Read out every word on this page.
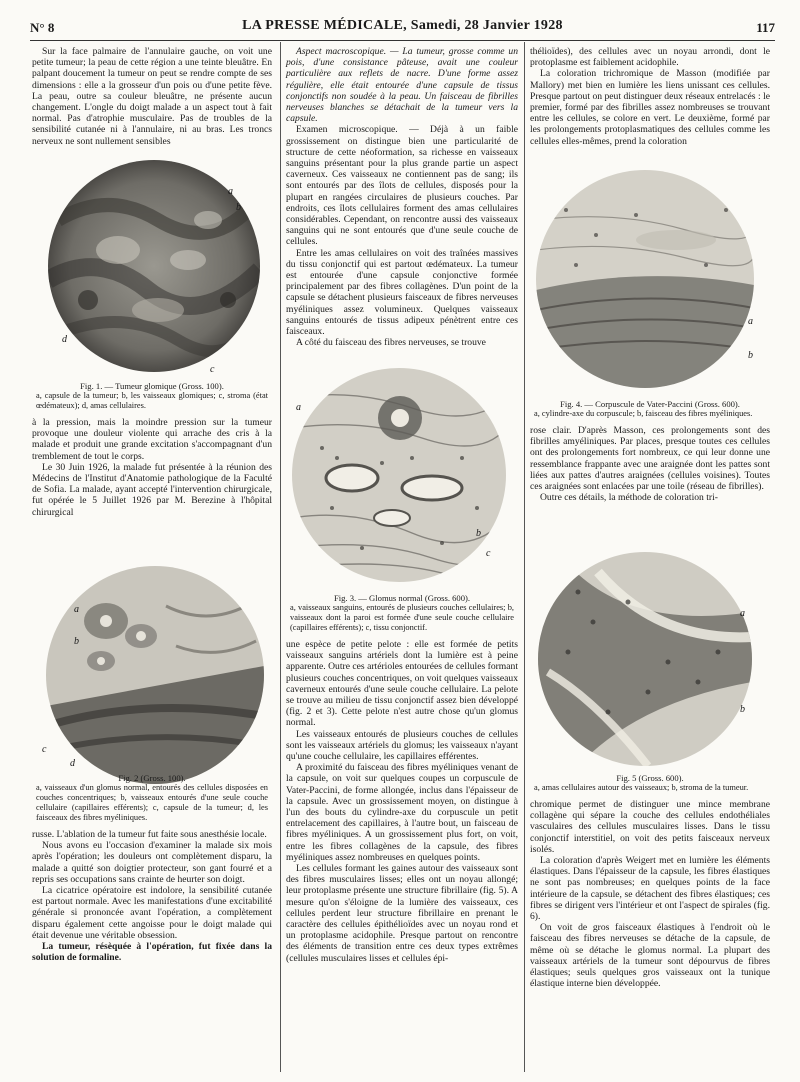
N° 8	LA PRESSE MÉDICALE, Samedi, 28 Janvier 1928	117

Sur la face palmaire de l'annulaire gauche, on voit une petite tumeur; la peau de cette région a une teinte bleuâtre. En palpant doucement la tumeur on peut se rendre compte de ses dimensions : elle a la grosseur d'un pois ou d'une petite fève. La peau, outre sa couleur bleuâtre, ne présente aucun changement. L'ongle du doigt malade a un aspect tout à fait normal. Pas d'atrophie musculaire. Pas de troubles de la sensibilité cutanée ni à l'annulaire, ni au bras. Les troncs nerveux ne sont nullement sensibles

a
b
d
c
Fig. 1. — Tumeur glomique (Gross. 100).
a, capsule de la tumeur; b, les vaisseaux glomiques; c, stroma (état œdémateux); d, amas cellulaires.

à la pression, mais la moindre pression sur la tumeur provoque une douleur violente qui arrache des cris à la malade et produit une grande excitation s'accompagnant d'un tremblement de tout le corps.

Le 30 Juin 1926, la malade fut présentée à la réunion des Médecins de l'Institut d'Anatomie pathologique de la Faculté de Sofia. La malade, ayant accepté l'intervention chirurgicale, fut opérée le 5 Juillet 1926 par M. Berezine à l'hôpital chirurgical

a
b
c
d
Fig. 2 (Gross. 100).
a, vaisseaux d'un glomus normal, entourés des cellules disposées en couches concentriques; b, vaisseaux entourés d'une seule couche cellulaire (capillaires efférents); c, capsule de la tumeur; d, les faisceaux des fibres myéliniques.

russe. L'ablation de la tumeur fut faite sous anesthésie locale.

Nous avons eu l'occasion d'examiner la malade six mois après l'opération; les douleurs ont complètement disparu, la malade a quitté son doigtier protecteur, son gant fourré et a repris ses occupations sans crainte de heurter son doigt.

La cicatrice opératoire est indolore, la sensibilité cutanée est partout normale. Avec les manifestations d'une excitabilité générale si prononcée avant l'opération, a complètement disparu également cette angoisse pour le doigt malade qui était devenue une véritable obsession.

La tumeur, résèquée à l'opération, fut fixée dans la solution de formaline.

Aspect macroscopique. — La tumeur, grosse comme un pois, d'une consistance pâteuse, avait une couleur particulière aux reflets de nacre. D'une forme assez régulière, elle était entourée d'une capsule de tissus conjonctifs non soudée à la peau. Un faisceau de fibrilles nerveuses blanches se détachait de la tumeur vers la capsule.

Examen microscopique. — Déjà à un faible grossissement on distingue bien une particularité de structure de cette néoformation, sa richesse en vaisseaux sanguins présentant pour la plus grande partie un aspect caverneux. Ces vaisseaux ne contiennent pas de sang; ils sont entourés par des îlots de cellules, disposés pour la plupart en rangées circulaires de plusieurs couches. Par endroits, ces îlots cellulaires forment des amas cellulaires considérables. Cependant, on rencontre aussi des vaisseaux sanguins qui ne sont entourés que d'une seule couche de cellules.

Entre les amas cellulaires on voit des traînées massives du tissu conjonctif qui est partout œdémateux. La tumeur est entourée d'une capsule conjonctive formée principalement par des fibres collagènes. D'un point de la capsule se détachent plusieurs faisceaux de fibres nerveuses myéliniques assez volumineux. Quelques vaisseaux sanguins entourés de tissus adipeux pénètrent entre ces faisceaux.

A côté du faisceau des fibres nerveuses, se trouve

a
b
c
Fig. 3. — Glomus normal (Gross. 600).
a, vaisseaux sanguins, entourés de plusieurs couches cellulaires; b, vaisseaux dont la paroi est formée d'une seule couche cellulaire (capillaires efférents); c, tissu conjonctif.

une espèce de petite pelote : elle est formée de petits vaisseaux sanguins artériels dont la lumière est à peine apparente. Outre ces artérioles entourées de cellules formant plusieurs couches concentriques, on voit quelques vaisseaux caverneux entourés d'une seule couche cellulaire. La pelote se trouve au milieu de tissu conjonctif assez bien développé (fig. 2 et 3). Cette pelote n'est autre chose qu'un glomus normal.

Les vaisseaux entourés de plusieurs couches de cellules sont les vaisseaux artériels du glomus; les vaisseaux n'ayant qu'une couche cellulaire, les capillaires efférentes.

A proximité du faisceau des fibres myéliniques venant de la capsule, on voit sur quelques coupes un corpuscule de Vater-Paccini, de forme allongée, inclus dans l'épaisseur de la capsule. Avec un grossissement moyen, on distingue à l'un des bouts du cylindre-axe du corpuscule un petit entrelacement des capillaires, à l'autre bout, un faisceau de fibres myéliniques. A un grossissement plus fort, on voit, entre les fibres collagènes de la capsule, des fibres myéliniques assez nombreuses en quelques points.

Les cellules formant les gaines autour des vaisseaux sont des fibres musculaires lisses; elles ont un noyau allongé; leur protoplasme présente une structure fibrillaire (fig. 5). A mesure qu'on s'éloigne de la lumière des vaisseaux, ces cellules perdent leur structure fibrillaire en prenant le caractère des cellules épithélioïdes avec un noyau rond et un protoplasme acidophile. Presque partout on rencontre des éléments de transition entre ces deux types extrêmes (cellules musculaires lisses et cellules épi-

thélioïdes), des cellules avec un noyau arrondi, dont le protoplasme est faiblement acidophile.

La coloration trichromique de Masson (modifiée par Mallory) met bien en lumière les liens unissant ces cellules. Presque partout on peut distinguer deux réseaux entrelacés : le premier, formé par des fibrilles assez nombreuses se trouvant entre les cellules, se colore en vert. Le deuxième, formé par les prolongements protoplasmatiques des cellules comme les cellules elles-mêmes, prend la coloration

a
b
Fig. 4. — Corpuscule de Vater-Paccini (Gross. 600).
a, cylindre-axe du corpuscule; b, faisceau des fibres myéliniques.

rose clair. D'après Masson, ces prolongements sont des fibrilles amyéliniques. Par places, presque toutes ces cellules ont des prolongements fort nombreux, ce qui leur donne une ressemblance frappante avec une araignée dont les pattes sont liées aux pattes d'autres araignées (cellules voisines). Toutes ces araignées sont enlacées par une toile (réseau de fibrilles).

Outre ces détails, la méthode de coloration tri-

a
b
Fig. 5 (Gross. 600).
a, amas cellulaires autour des vaisseaux; b, stroma de la tumeur.

chromique permet de distinguer une mince membrane collagène qui sépare la couche des cellules endothéliales vasculaires des cellules musculaires lisses. Dans le tissu conjonctif interstitiel, on voit des petits faisceaux nerveux isolés.

La coloration d'après Weigert met en lumière les éléments élastiques. Dans l'épaisseur de la capsule, les fibres élastiques ne sont pas nombreuses; en quelques points de la face intérieure de la capsule, se détachent des fibres élastiques; ces fibres se dirigent vers l'intérieur et ont l'aspect de spirales (fig. 6).

On voit de gros faisceaux élastiques à l'endroit où le faisceau des fibres nerveuses se détache de la capsule, de même où se détache le glomus normal. La plupart des vaisseaux artériels de la tumeur sont dépourvus de fibres élastiques; seuls quelques gros vaisseaux ont la tunique élastique interne bien développée.
